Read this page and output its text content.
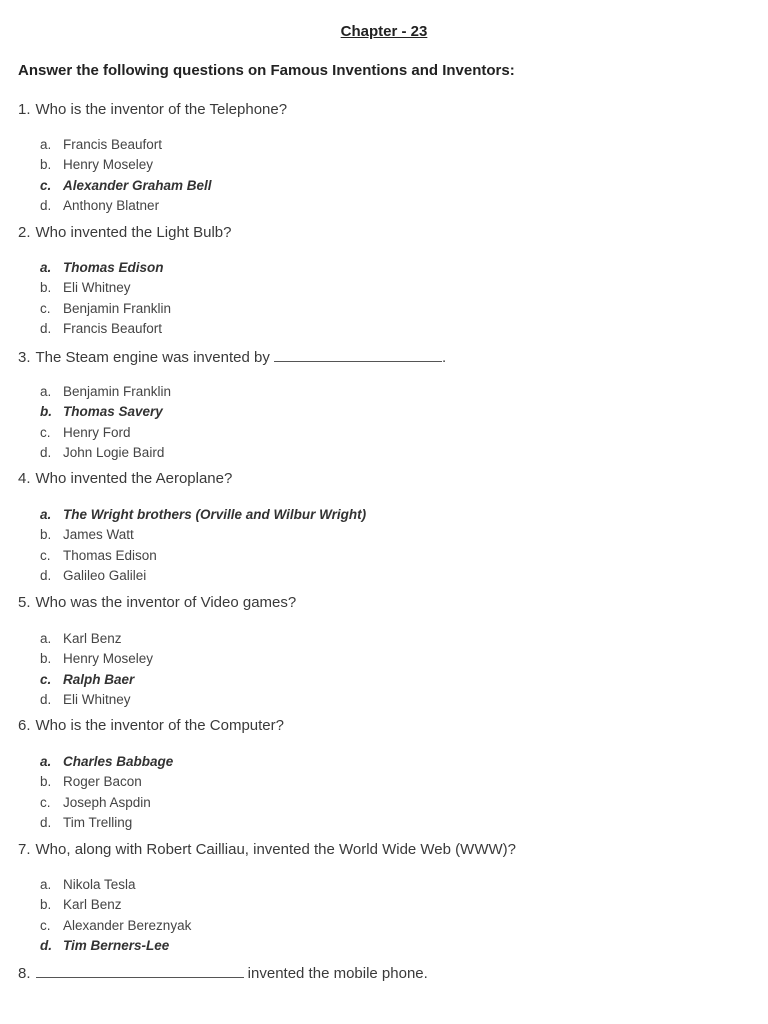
Chapter - 23
Answer the following questions on Famous Inventions and Inventors:
1. Who is the inventor of the Telephone?
a. Francis Beaufort
b. Henry Moseley
c. Alexander Graham Bell
d. Anthony Blatner
2. Who invented the Light Bulb?
a. Thomas Edison
b. Eli Whitney
c. Benjamin Franklin
d. Francis Beaufort
3. The Steam engine was invented by	.
a. Benjamin Franklin
b. Thomas Savery
c. Henry Ford
d. John Logie Baird
4. Who invented the Aeroplane?
a. The Wright brothers (Orville and Wilbur Wright)
b. James Watt
c. Thomas Edison
d. Galileo Galilei
5. Who was the inventor of Video games?
a. Karl Benz
b. Henry Moseley
c. Ralph Baer
d. Eli Whitney
6. Who is the inventor of the Computer?
a. Charles Babbage
b. Roger Bacon
c. Joseph Aspdin
d. Tim Trelling
7. Who, along with Robert Cailliau, invented the World Wide Web (WWW)?
a. Nikola Tesla
b. Karl Benz
c. Alexander Bereznyak
d. Tim Berners-Lee
8.	invented the mobile phone.
